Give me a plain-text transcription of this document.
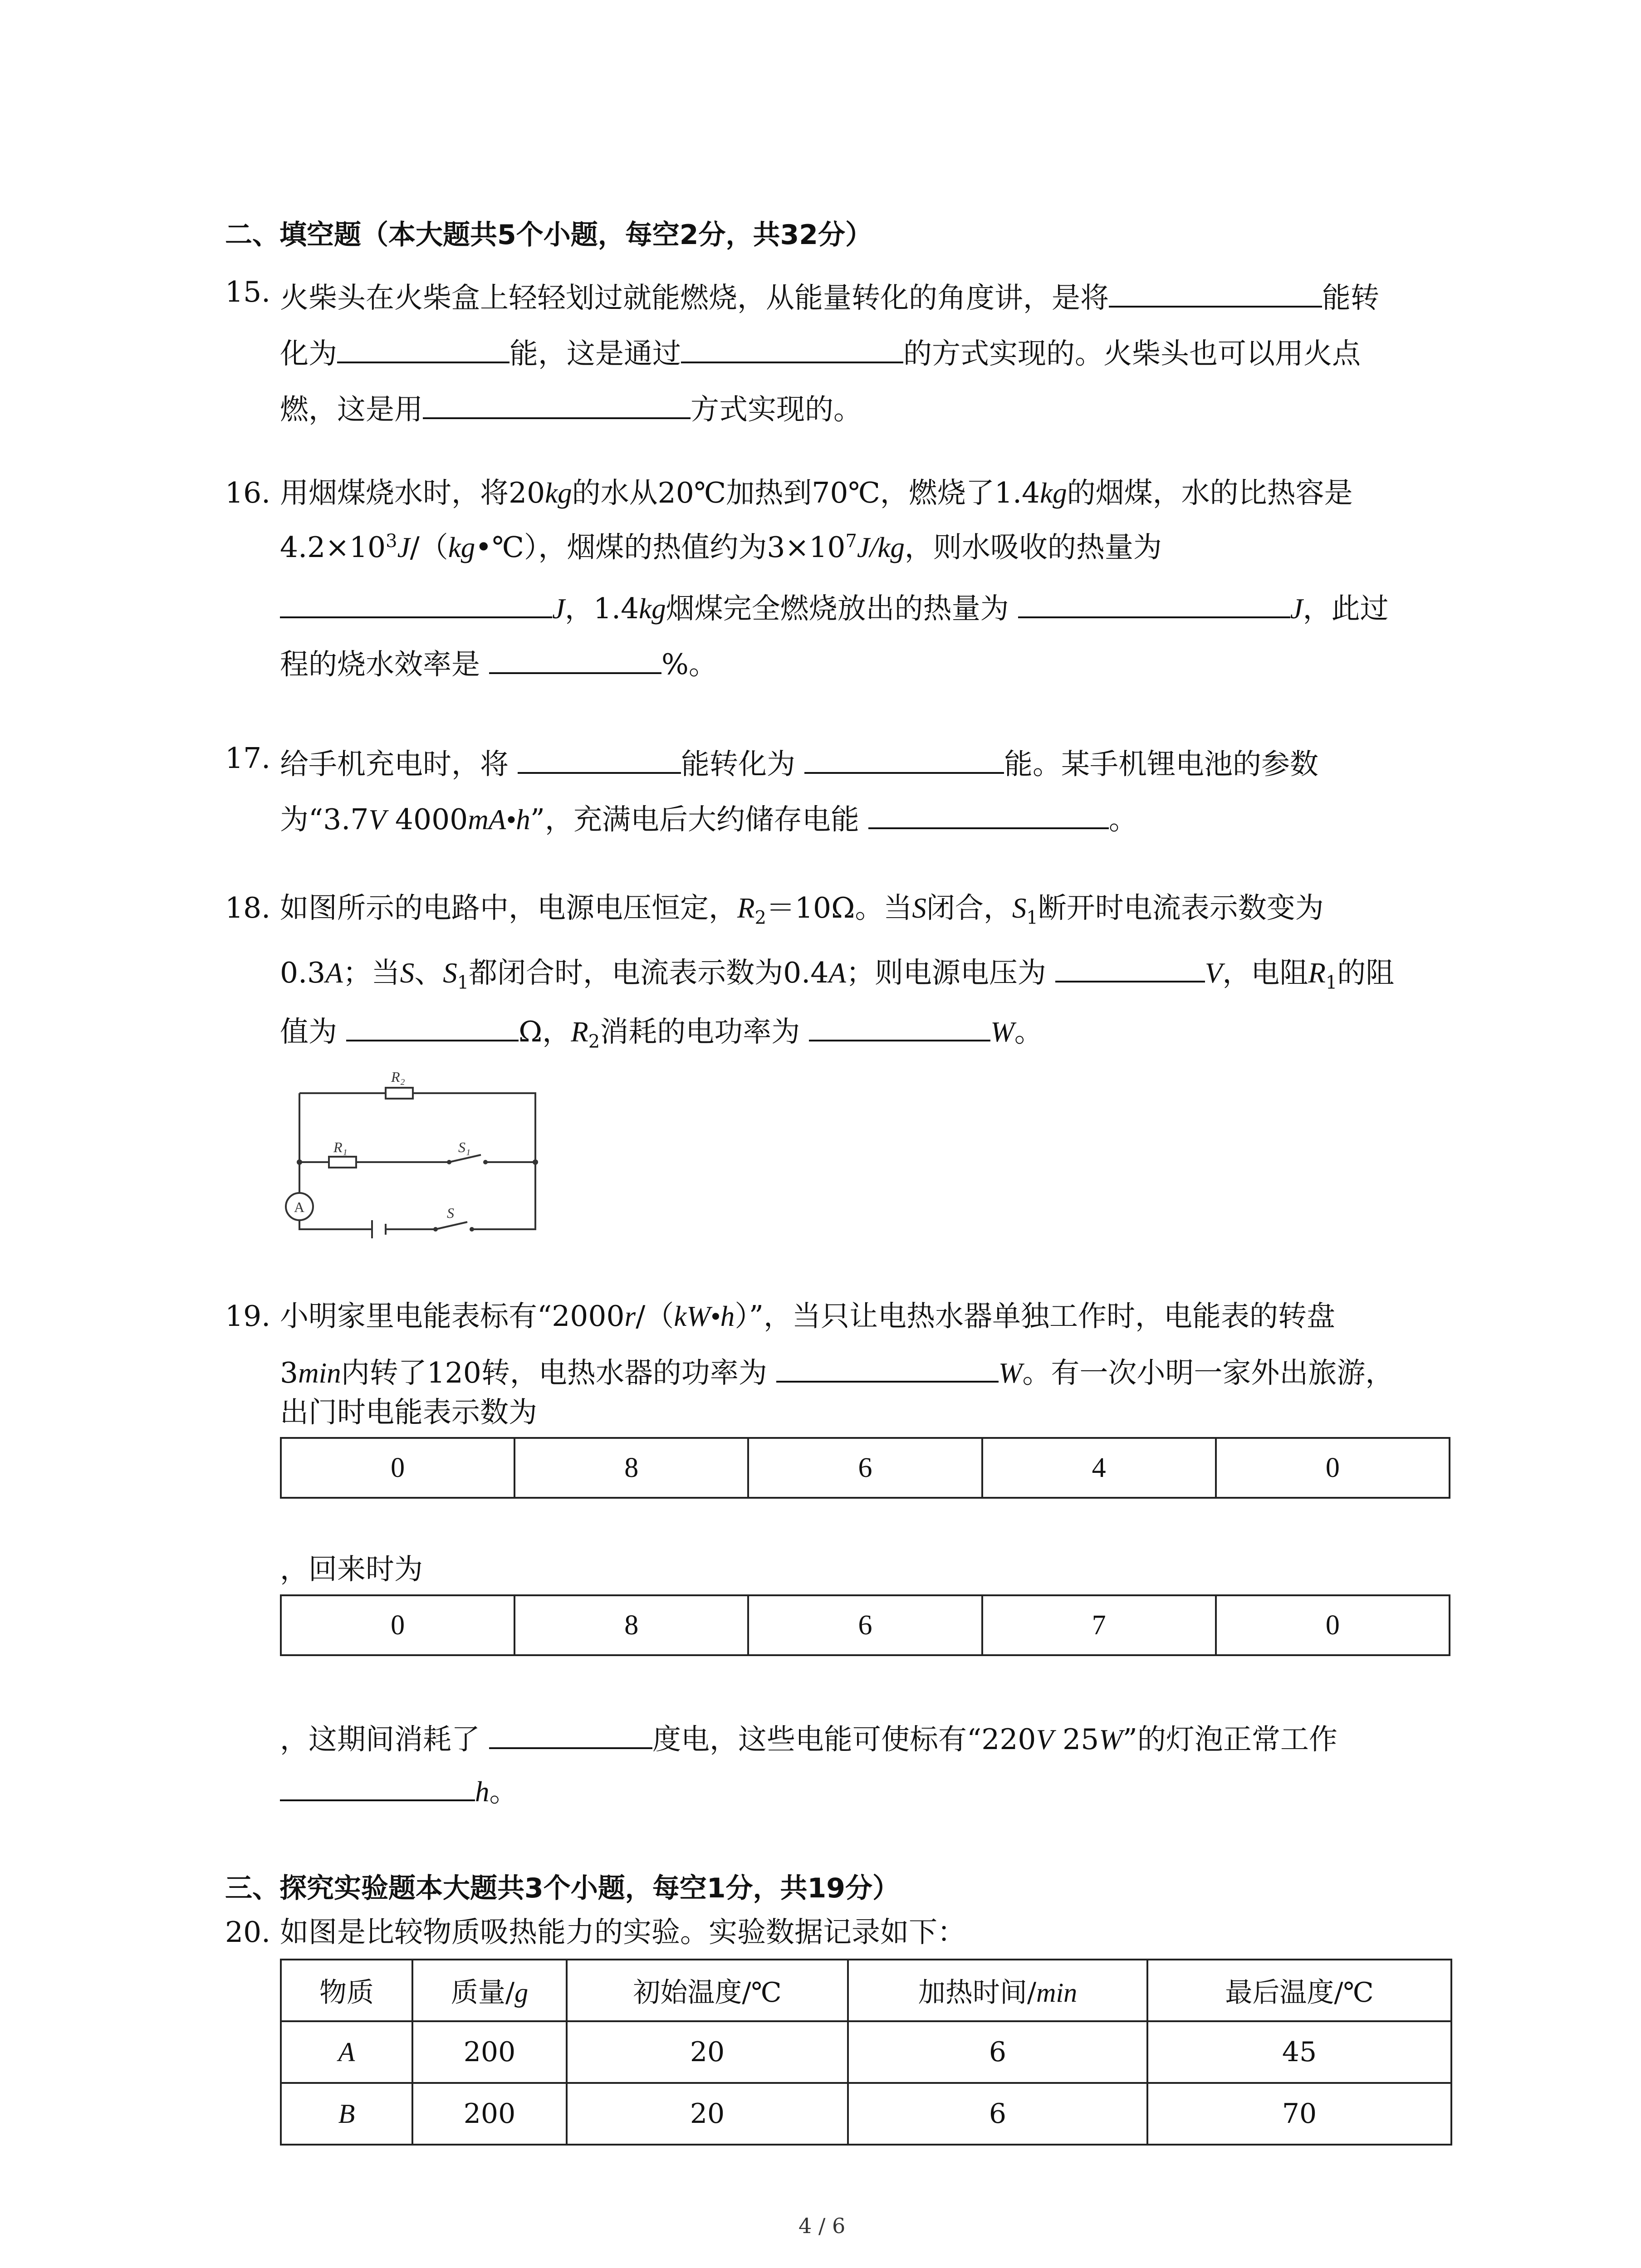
二、填空题（本大题共5个小题，每空2分，共32分）
15. 火柴头在火柴盒上轻轻划过就能燃烧，从能量转化的角度讲，是将	能转
化为	能，这是通过	的方式实现的。火柴头也可以用火点
燃，这是用	方式实现的。
16. 用烟煤烧水时，将20kg的水从20℃加热到70℃，燃烧了1.4kg的烟煤，水的比热容是
$4.2\times 10^3J/(kg•℃)$，烟煤的热值约为$3\times 10^7J/kg$，则水吸收的热量为
J，1.4kg烟煤完全燃烧放出的热量为	J，此过
程的烧水效率是	%。
17. 给手机充电时，将	能转化为	能。某手机锂电池的参数
为“3.7V 4000mA•h”，充满电后大约储存电能	。
18. 如图所示的电路中，电源电压恒定，$R_2=10\Omega$。当S闭合，$S_1$断开时电流表示数变为
0.3A；当S、$S_1$都闭合时，电流表示数为0.4A；则电源电压为	V，电阻$R_1$的阻
值为	Ω，$R_2$消耗的电功率为	W。
R₂
R₁	S₁
S
A
19. 小明家里电能表标有“2000r/（kW•h）”，当只让电热水器单独工作时，电能表的转盘
3min内转了120转，电热水器的功率为	W。有一次小明一家外出旅游，
出门时电能表示数为
0	8	6	4	0
，回来时为
0	8	6	7	0
，这期间消耗了	度电，这些电能可使标有“220V 25W”的灯泡正常工作
h。
三、探究实验题本大题共3个小题，每空1分，共19分）
20. 如图是比较物质吸热能力的实验。实验数据记录如下：
物质	质量/g	初始温度/℃	加热时间/min	最后温度/℃
A	200	20	6	45
B	200	20	6	70
4 / 6
